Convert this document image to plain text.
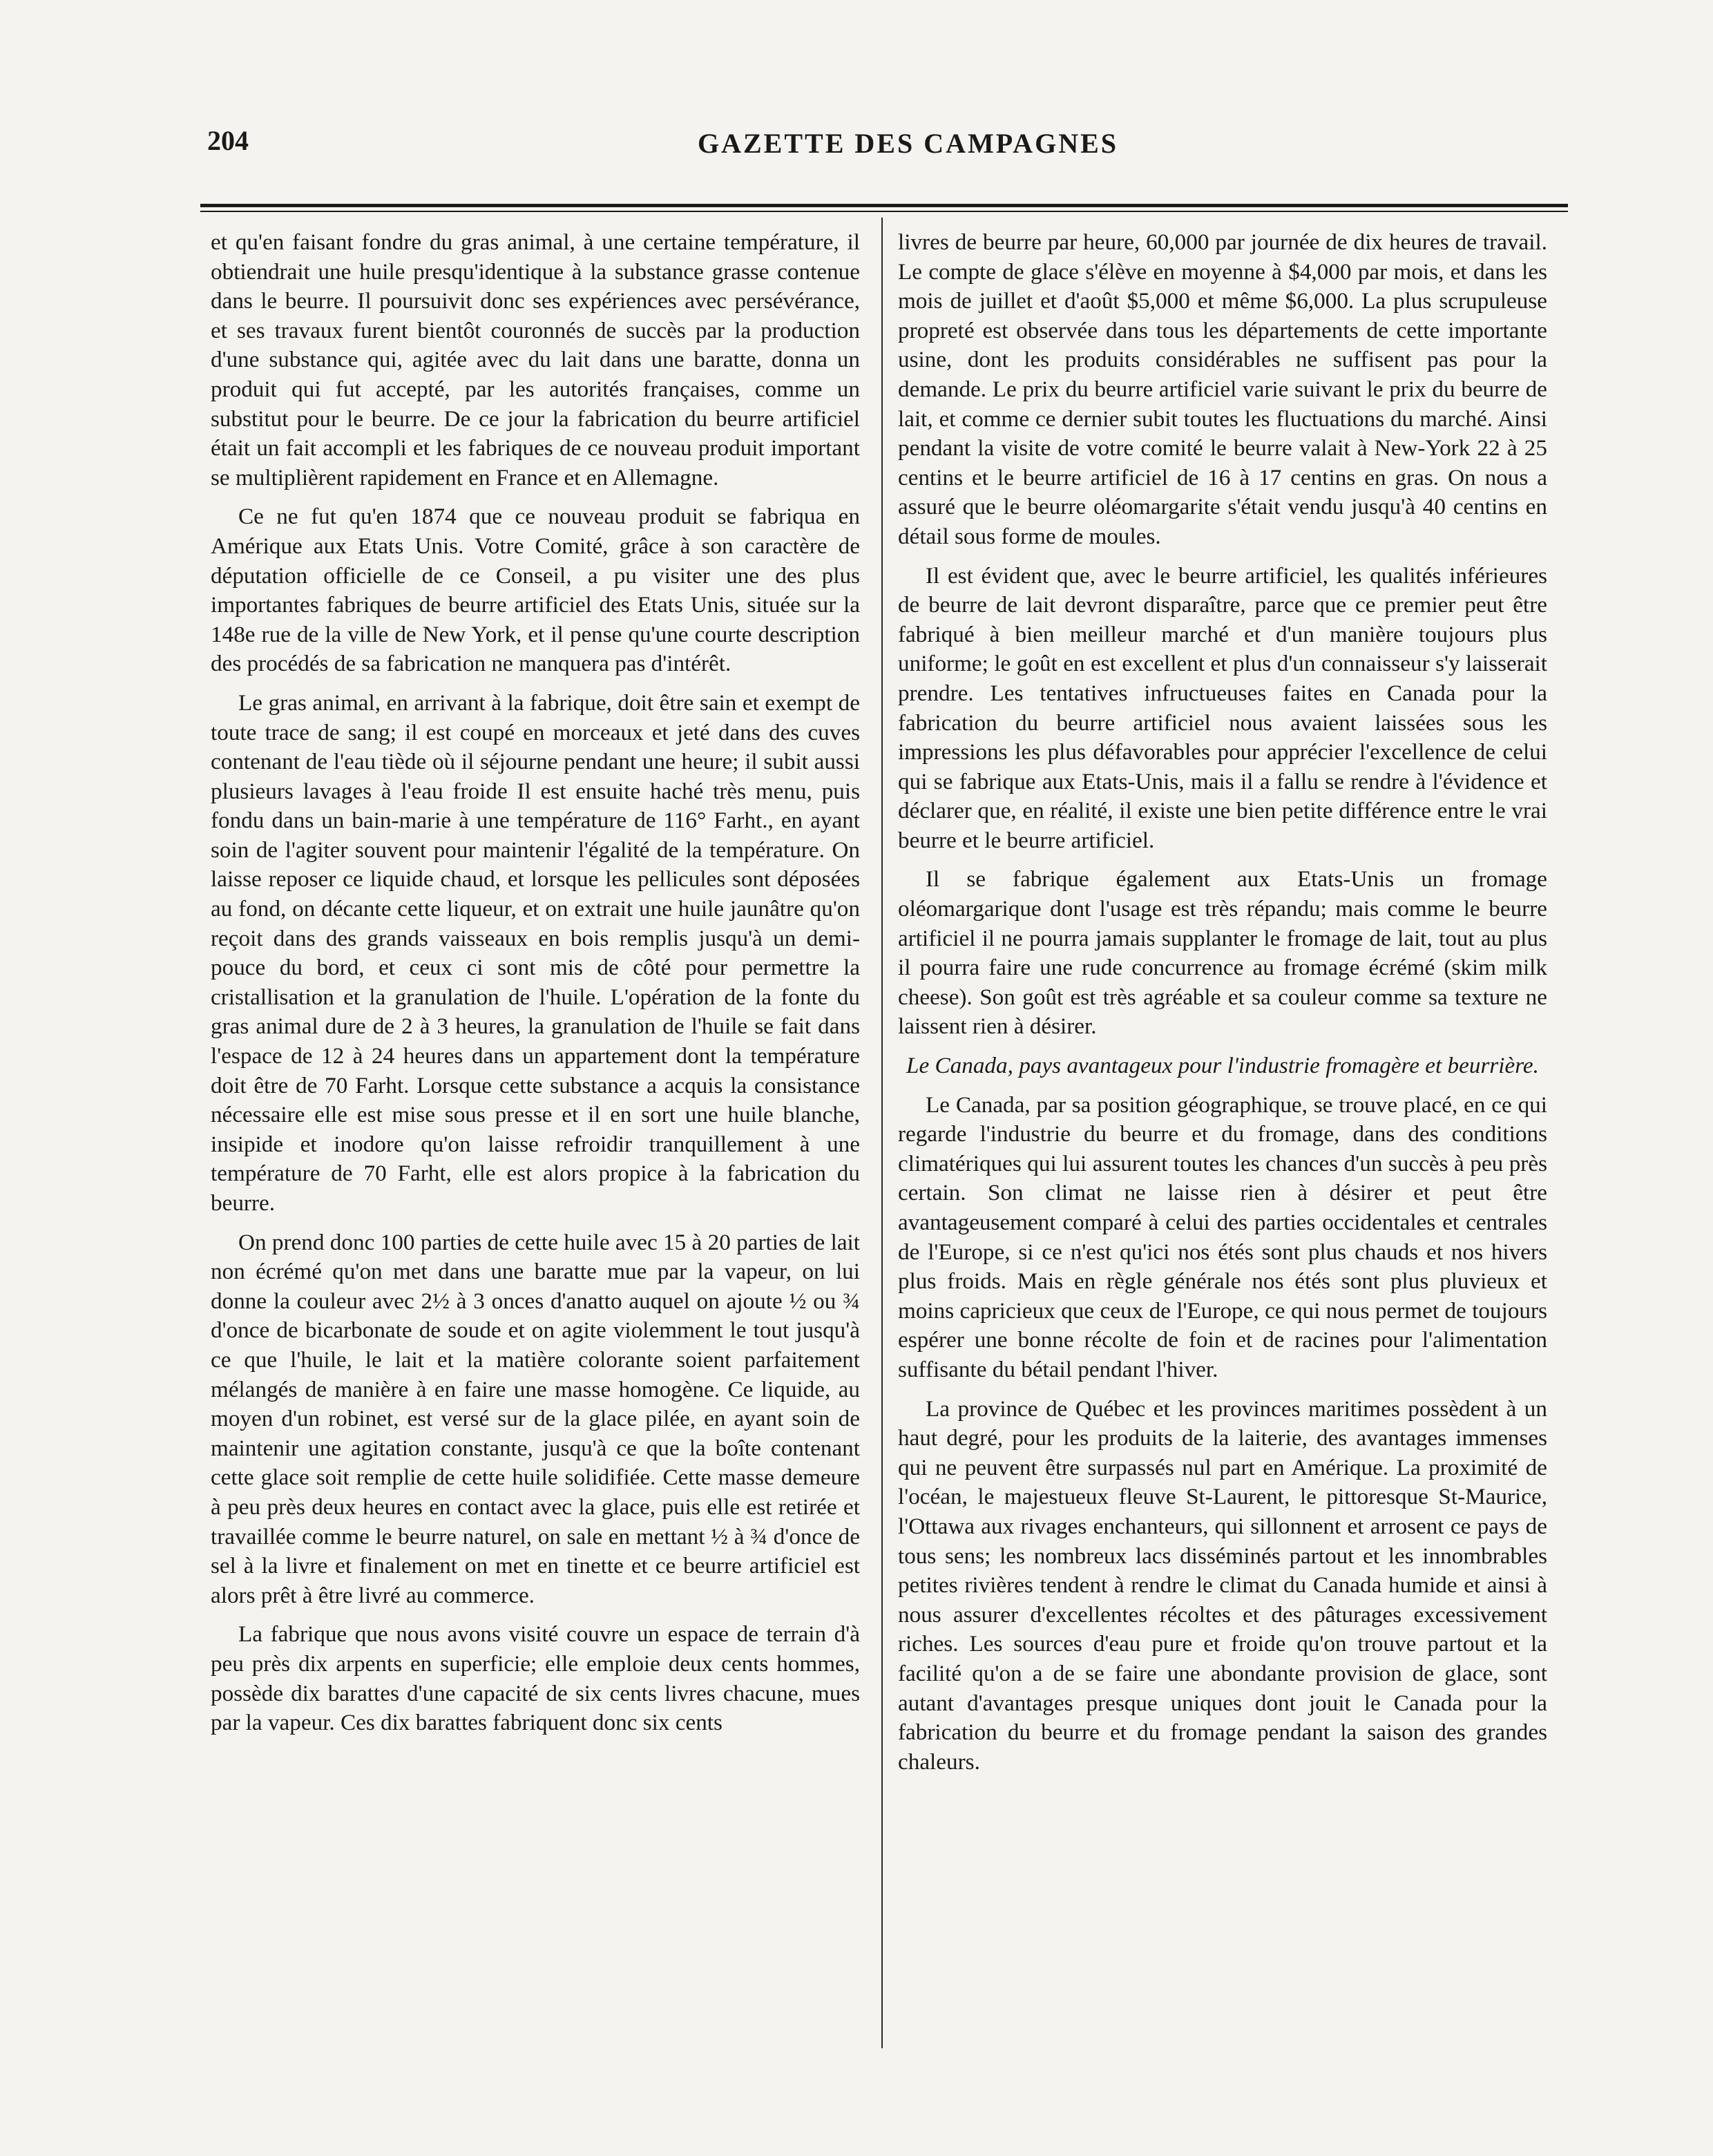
204	GAZETTE DES CAMPAGNES

et qu'en faisant fondre du gras animal, à une certaine température, il obtiendrait une huile presqu'identique à la substance grasse contenue dans le beurre. Il poursuivit donc ses expériences avec persévérance, et ses travaux furent bientôt couronnés de succès par la production d'une substance qui, agitée avec du lait dans une baratte, donna un produit qui fut accepté, par les autorités françaises, comme un substitut pour le beurre. De ce jour la fabrication du beurre artificiel était un fait accompli et les fabriques de ce nouveau produit important se multiplièrent rapidement en France et en Allemagne.

Ce ne fut qu'en 1874 que ce nouveau produit se fabriqua en Amérique aux Etats Unis. Votre Comité, grâce à son caractère de députation officielle de ce Conseil, a pu visiter une des plus importantes fabriques de beurre artificiel des Etats Unis, située sur la 148e rue de la ville de New York, et il pense qu'une courte description des procédés de sa fabrication ne manquera pas d'intérêt.

Le gras animal, en arrivant à la fabrique, doit être sain et exempt de toute trace de sang; il est coupé en morceaux et jeté dans des cuves contenant de l'eau tiède où il séjourne pendant une heure; il subit aussi plusieurs lavages à l'eau froide Il est ensuite haché très menu, puis fondu dans un bain-marie à une température de 116° Farht., en ayant soin de l'agiter souvent pour maintenir l'égalité de la température. On laisse reposer ce liquide chaud, et lorsque les pellicules sont déposées au fond, on décante cette liqueur, et on extrait une huile jaunâtre qu'on reçoit dans des grands vaisseaux en bois remplis jusqu'à un demi-pouce du bord, et ceux ci sont mis de côté pour permettre la cristallisation et la granulation de l'huile. L'opération de la fonte du gras animal dure de 2 à 3 heures, la granulation de l'huile se fait dans l'espace de 12 à 24 heures dans un appartement dont la température doit être de 70 Farht. Lorsque cette substance a acquis la consistance nécessaire elle est mise sous presse et il en sort une huile blanche, insipide et inodore qu'on laisse refroidir tranquillement à une température de 70 Farht, elle est alors propice à la fabrication du beurre.

On prend donc 100 parties de cette huile avec 15 à 20 parties de lait non écrémé qu'on met dans une baratte mue par la vapeur, on lui donne la couleur avec 2½ à 3 onces d'anatto auquel on ajoute ½ ou ¾ d'once de bicarbonate de soude et on agite violemment le tout jusqu'à ce que l'huile, le lait et la matière colorante soient parfaitement mélangés de manière à en faire une masse homogène. Ce liquide, au moyen d'un robinet, est versé sur de la glace pilée, en ayant soin de maintenir une agitation constante, jusqu'à ce que la boîte contenant cette glace soit remplie de cette huile solidifiée. Cette masse demeure à peu près deux heures en contact avec la glace, puis elle est retirée et travaillée comme le beurre naturel, on sale en mettant ½ à ¾ d'once de sel à la livre et finalement on met en tinette et ce beurre artificiel est alors prêt à être livré au commerce.

La fabrique que nous avons visité couvre un espace de terrain d'à peu près dix arpents en superficie; elle emploie deux cents hommes, possède dix barattes d'une capacité de six cents livres chacune, mues par la vapeur. Ces dix barattes fabriquent donc six cents

livres de beurre par heure, 60,000 par journée de dix heures de travail. Le compte de glace s'élève en moyenne à $4,000 par mois, et dans les mois de juillet et d'août $5,000 et même $6,000. La plus scrupuleuse propreté est observée dans tous les départements de cette importante usine, dont les produits considérables ne suffisent pas pour la demande. Le prix du beurre artificiel varie suivant le prix du beurre de lait, et comme ce dernier subit toutes les fluctuations du marché. Ainsi pendant la visite de votre comité le beurre valait à New-York 22 à 25 centins et le beurre artificiel de 16 à 17 centins en gras. On nous a assuré que le beurre oléomargarite s'était vendu jusqu'à 40 centins en détail sous forme de moules.

Il est évident que, avec le beurre artificiel, les qualités inférieures de beurre de lait devront disparaître, parce que ce premier peut être fabriqué à bien meilleur marché et d'un manière toujours plus uniforme; le goût en est excellent et plus d'un connaisseur s'y laisserait prendre. Les tentatives infructueuses faites en Canada pour la fabrication du beurre artificiel nous avaient laissées sous les impressions les plus défavorables pour apprécier l'excellence de celui qui se fabrique aux Etats-Unis, mais il a fallu se rendre à l'évidence et déclarer que, en réalité, il existe une bien petite différence entre le vrai beurre et le beurre artificiel.

Il se fabrique également aux Etats-Unis un fromage oléomargarique dont l'usage est très répandu; mais comme le beurre artificiel il ne pourra jamais supplanter le fromage de lait, tout au plus il pourra faire une rude concurrence au fromage écrémé (skim milk cheese). Son goût est très agréable et sa couleur comme sa texture ne laissent rien à désirer.

Le Canada, pays avantageux pour l'industrie fromagère et beurrière.

Le Canada, par sa position géographique, se trouve placé, en ce qui regarde l'industrie du beurre et du fromage, dans des conditions climatériques qui lui assurent toutes les chances d'un succès à peu près certain. Son climat ne laisse rien à désirer et peut être avantageusement comparé à celui des parties occidentales et centrales de l'Europe, si ce n'est qu'ici nos étés sont plus chauds et nos hivers plus froids. Mais en règle générale nos étés sont plus pluvieux et moins capricieux que ceux de l'Europe, ce qui nous permet de toujours espérer une bonne récolte de foin et de racines pour l'alimentation suffisante du bétail pendant l'hiver.

La province de Québec et les provinces maritimes possèdent à un haut degré, pour les produits de la laiterie, des avantages immenses qui ne peuvent être surpassés nul part en Amérique. La proximité de l'océan, le majestueux fleuve St-Laurent, le pittoresque St-Maurice, l'Ottawa aux rivages enchanteurs, qui sillonnent et arrosent ce pays de tous sens; les nombreux lacs disséminés partout et les innombrables petites rivières tendent à rendre le climat du Canada humide et ainsi à nous assurer d'excellentes récoltes et des pâturages excessivement riches. Les sources d'eau pure et froide qu'on trouve partout et la facilité qu'on a de se faire une abondante provision de glace, sont autant d'avantages presque uniques dont jouit le Canada pour la fabrication du beurre et du fromage pendant la saison des grandes chaleurs.
